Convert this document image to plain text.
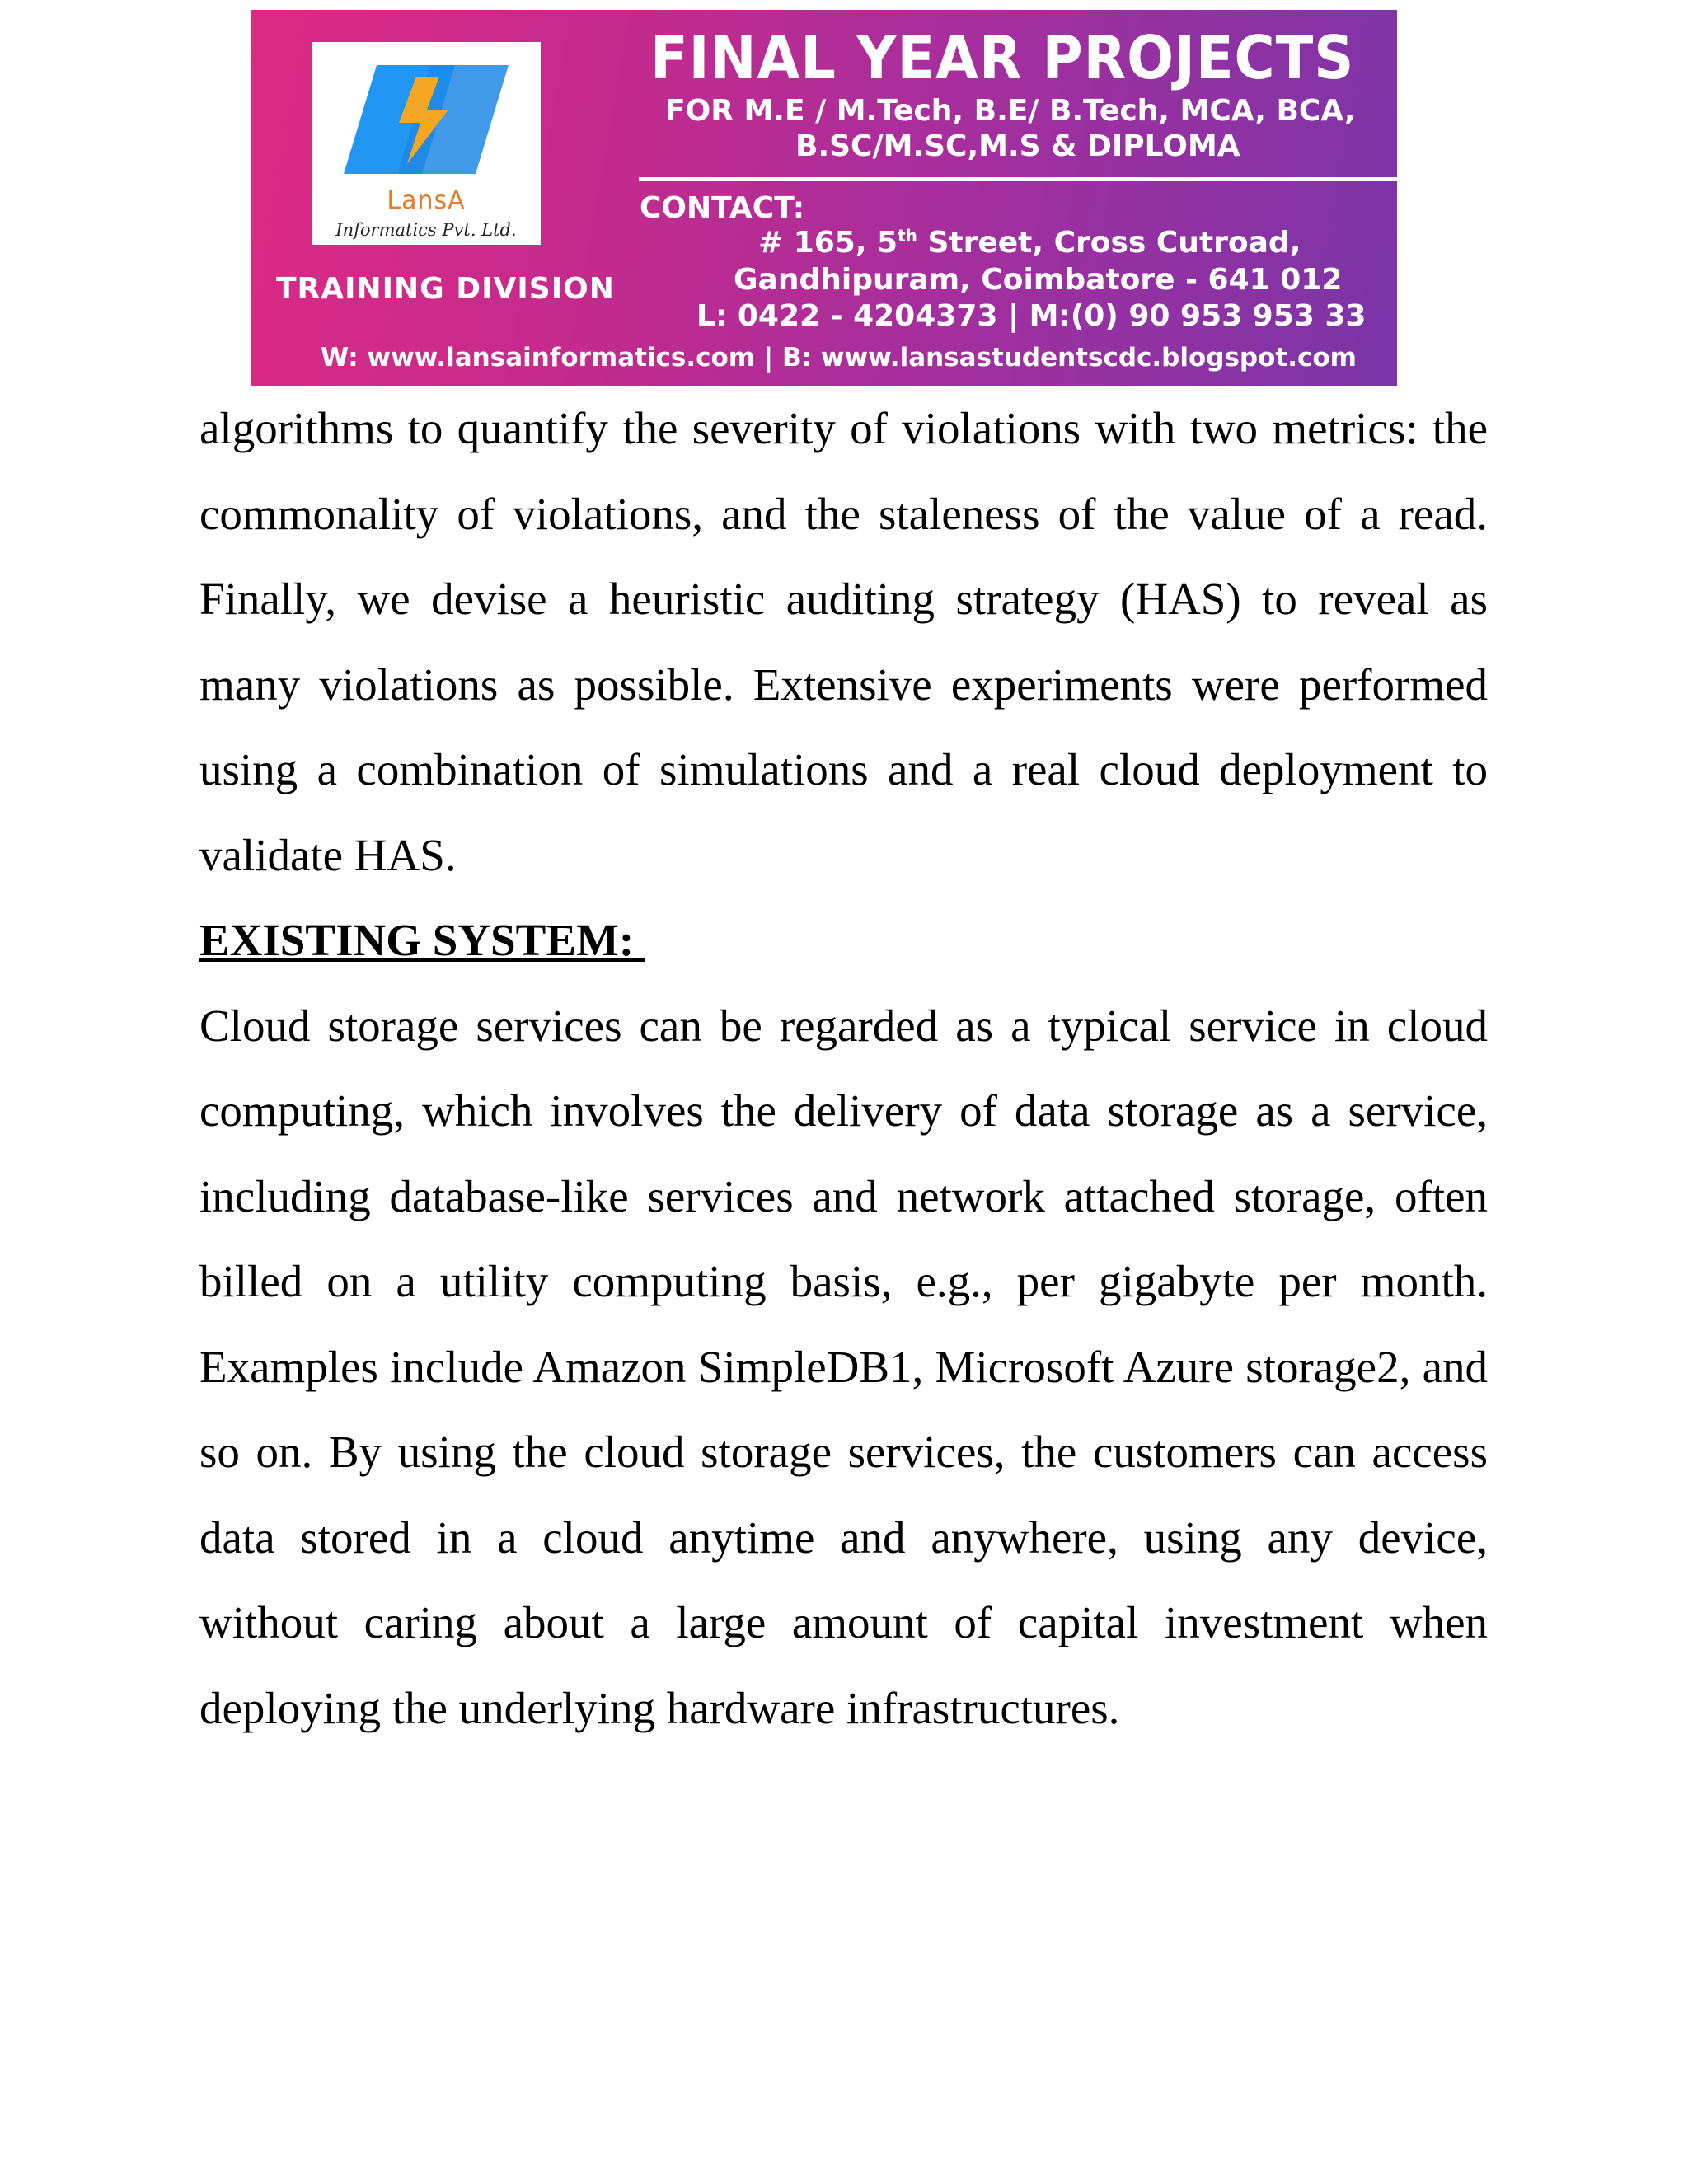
LansA
Informatics Pvt. Ltd.
TRAINING DIVISION
FINAL YEAR PROJECTS
FOR M.E / M.Tech, B.E/ B.Tech, MCA, BCA,
B.SC/M.SC,M.S & DIPLOMA
CONTACT:
# 165, 5th Street, Cross Cutroad,
Gandhipuram, Coimbatore - 641 012
L: 0422 - 4204373 | M:(0) 90 953 953 33
W: www.lansainformatics.com | B: www.lansastudentscdc.blogspot.com

algorithms to quantify the severity of violations with two metrics: the commonality of violations, and the staleness of the value of a read. Finally, we devise a heuristic auditing strategy (HAS) to reveal as many violations as possible. Extensive experiments were performed using a combination of simulations and a real cloud deployment to validate HAS.

EXISTING SYSTEM:

Cloud storage services can be regarded as a typical service in cloud computing, which involves the delivery of data storage as a service, including database-like services and network attached storage, often billed on a utility computing basis, e.g., per gigabyte per month. Examples include Amazon SimpleDB1, Microsoft Azure storage2, and so on. By using the cloud storage services, the customers can access data stored in a cloud anytime and anywhere, using any device, without caring about a large amount of capital investment when deploying the underlying hardware infrastructures.
